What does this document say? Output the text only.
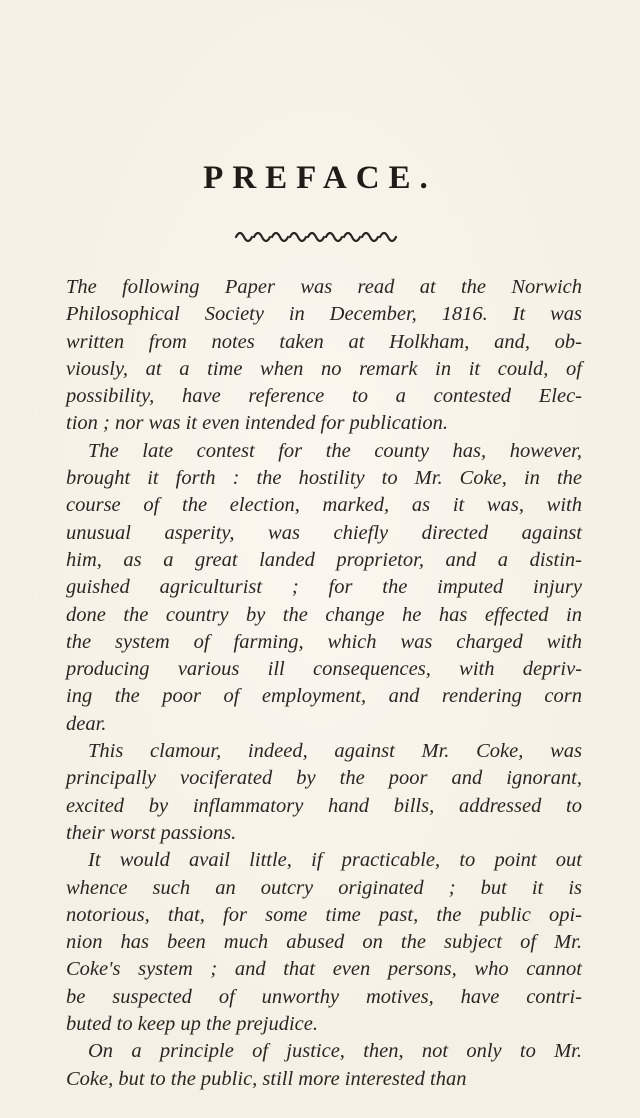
PREFACE.
The following Paper was read at the Norwich
Philosophical Society in December, 1816. It was
written from notes taken at Holkham, and, ob-
viously, at a time when no remark in it could, of
possibility, have reference to a contested Elec-
tion ; nor was it even intended for publication.
The late contest for the county has, however,
brought it forth : the hostility to Mr. Coke, in the
course of the election, marked, as it was, with
unusual asperity, was chiefly directed against
him, as a great landed proprietor, and a distin-
guished agriculturist ; for the imputed injury
done the country by the change he has effected in
the system of farming, which was charged with
producing various ill consequences, with depriv-
ing the poor of employment, and rendering corn
dear.
This clamour, indeed, against Mr. Coke, was
principally vociferated by the poor and ignorant,
excited by inflammatory hand bills, addressed to
their worst passions.
It would avail little, if practicable, to point out
whence such an outcry originated ; but it is
notorious, that, for some time past, the public opi-
nion has been much abused on the subject of Mr.
Coke's system ; and that even persons, who cannot
be suspected of unworthy motives, have contri-
buted to keep up the prejudice.
On a principle of justice, then, not only to Mr.
Coke, but to the public, still more interested than
